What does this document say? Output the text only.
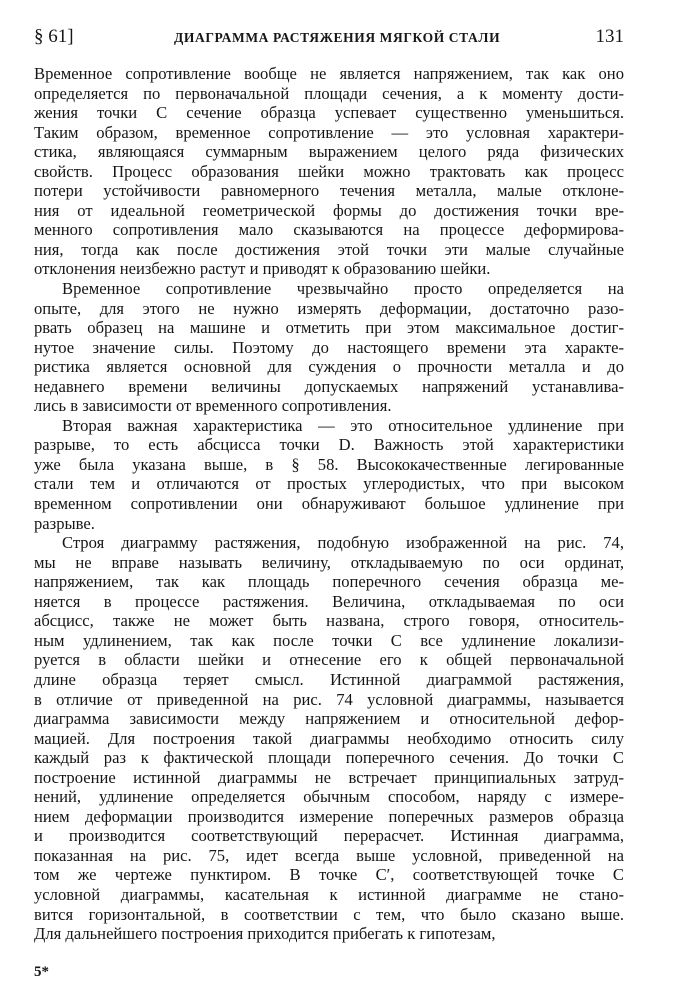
§ 61]	ДИАГРАММА РАСТЯЖЕНИЯ МЯГКОЙ СТАЛИ	131
Временное сопротивление вообще не является напряжением, так как оно
определяется по первоначальной площади сечения, а к моменту дости-
жения точки C сечение образца успевает существенно уменьшиться.
Таким образом, временное сопротивление — это условная характери-
стика, являющаяся суммарным выражением целого ряда физических
свойств. Процесс образования шейки можно трактовать как процесс
потери устойчивости равномерного течения металла, малые отклоне-
ния от идеальной геометрической формы до достижения точки вре-
менного сопротивления мало сказываются на процессе деформирова-
ния, тогда как после достижения этой точки эти малые случайные
отклонения неизбежно растут и приводят к образованию шейки.
Временное сопротивление чрезвычайно просто определяется на
опыте, для этого не нужно измерять деформации, достаточно разо-
рвать образец на машине и отметить при этом максимальное достиг-
нутое значение силы. Поэтому до настоящего времени эта характе-
ристика является основной для суждения о прочности металла и до
недавнего времени величины допускаемых напряжений устанавлива-
лись в зависимости от временного сопротивления.
Вторая важная характеристика — это относительное удлинение при
разрыве, то есть абсцисса точки D. Важность этой характеристики
уже была указана выше, в § 58. Высококачественные легированные
стали тем и отличаются от простых углеродистых, что при высоком
временном сопротивлении они обнаруживают большое удлинение при
разрыве.
Строя диаграмму растяжения, подобную изображенной на рис. 74,
мы не вправе называть величину, откладываемую по оси ординат,
напряжением, так как площадь поперечного сечения образца ме-
няется в процессе растяжения. Величина, откладываемая по оси
абсцисс, также не может быть названа, строго говоря, относитель-
ным удлинением, так как после точки C все удлинение локализи-
руется в области шейки и отнесение его к общей первоначальной
длине образца теряет смысл. Истинной диаграммой растяжения,
в отличие от приведенной на рис. 74 условной диаграммы, называется
диаграмма зависимости между напряжением и относительной дефор-
мацией. Для построения такой диаграммы необходимо относить силу
каждый раз к фактической площади поперечного сечения. До точки C
построение истинной диаграммы не встречает принципиальных затруд-
нений, удлинение определяется обычным способом, наряду с измере-
нием деформации производится измерение поперечных размеров образца
и производится соответствующий перерасчет. Истинная диаграмма,
показанная на рис. 75, идет всегда выше условной, приведенной на
том же чертеже пунктиром. В точке C′, соответствующей точке C
условной диаграммы, касательная к истинной диаграмме не стано-
вится горизонтальной, в соответствии с тем, что было сказано выше.
Для дальнейшего построения приходится прибегать к гипотезам,
5*
